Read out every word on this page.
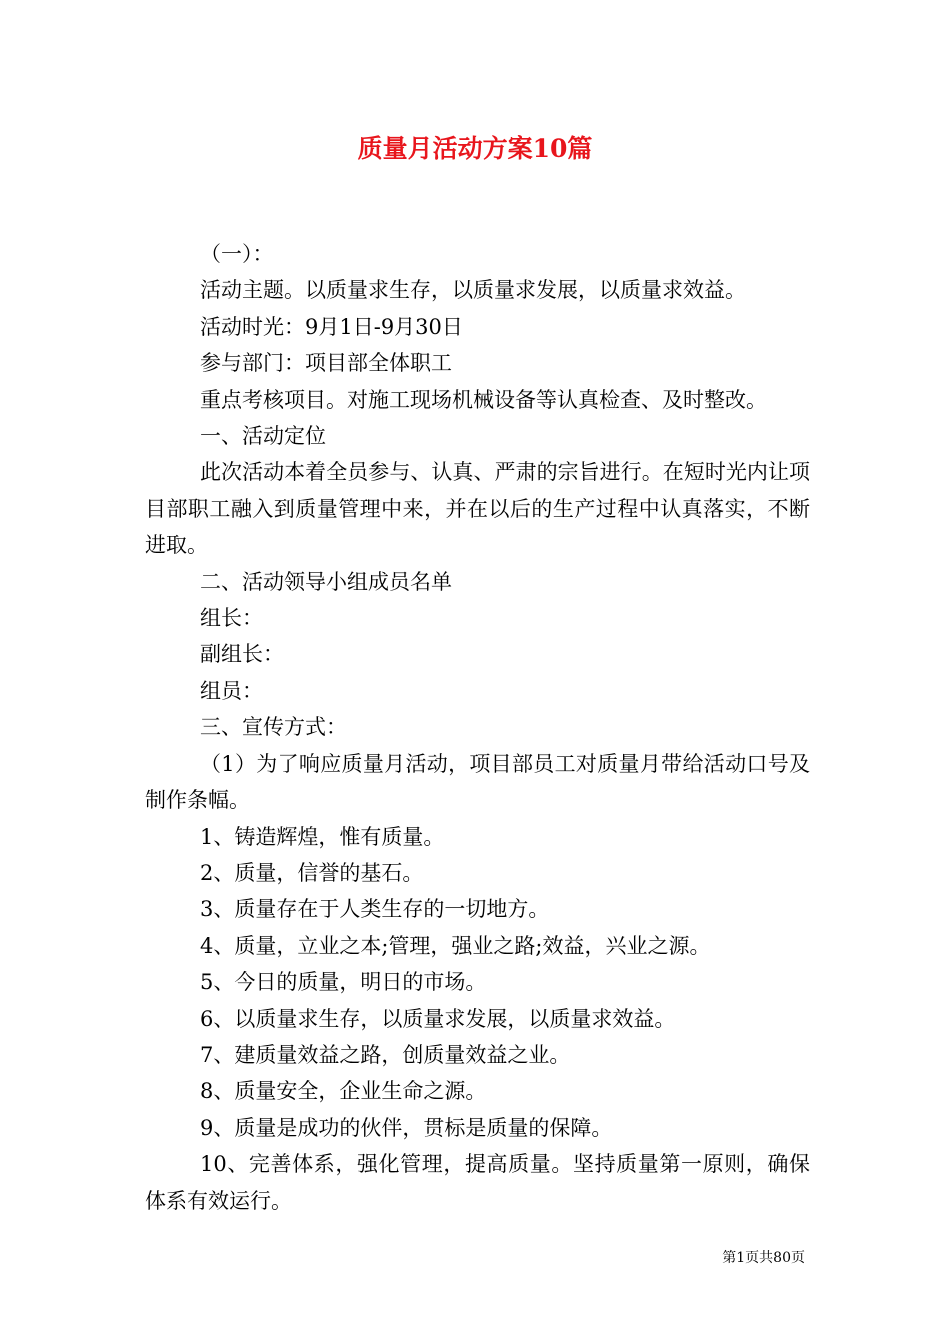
质量月活动方案10篇

（一）：

活动主题。以质量求生存，以质量求发展，以质量求效益。

活动时光：9月1日-9月30日

参与部门：项目部全体职工

重点考核项目。对施工现场机械设备等认真检查、及时整改。

一、活动定位

此次活动本着全员参与、认真、严肃的宗旨进行。在短时光内让项目部职工融入到质量管理中来，并在以后的生产过程中认真落实，不断进取。

二、活动领导小组成员名单

组长：

副组长：

组员：

三、宣传方式：

（1）为了响应质量月活动，项目部员工对质量月带给活动口号及制作条幅。

1、铸造辉煌，惟有质量。

2、质量，信誉的基石。

3、质量存在于人类生存的一切地方。

4、质量，立业之本;管理，强业之路;效益，兴业之源。

5、今日的质量，明日的市场。

6、以质量求生存，以质量求发展，以质量求效益。

7、建质量效益之路，创质量效益之业。

8、质量安全，企业生命之源。

9、质量是成功的伙伴，贯标是质量的保障。

10、完善体系，强化管理，提高质量。坚持质量第一原则，确保体系有效运行。

第1页共80页
